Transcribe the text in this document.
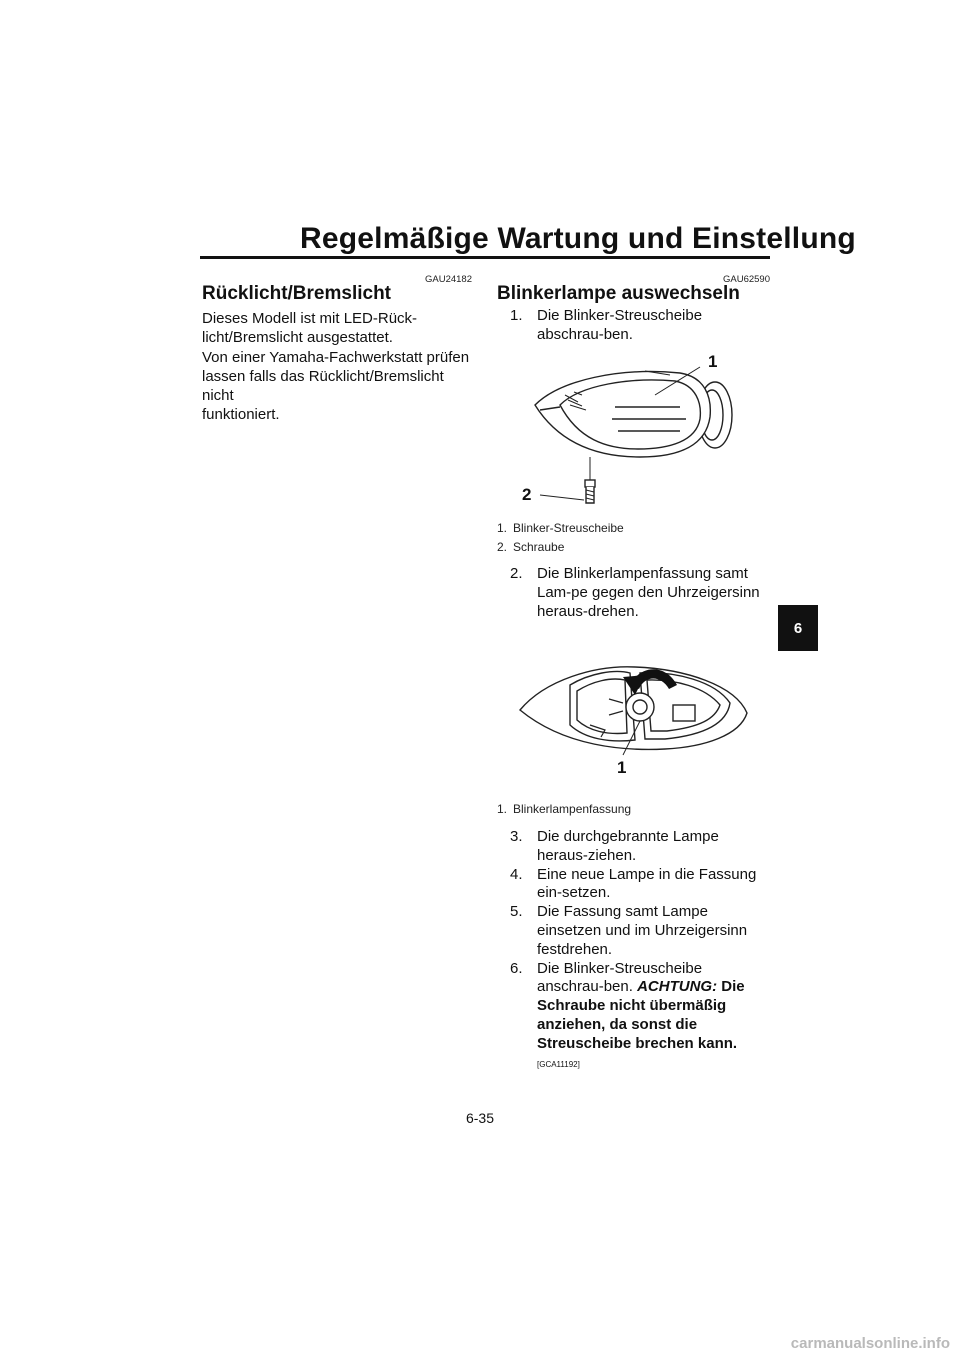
Regelmäßige Wartung und Einstellung
GAU24182
Rücklicht/Bremslicht
Dieses Modell ist mit LED-Rück-
licht/Bremslicht ausgestattet.
Von einer Yamaha-Fachwerkstatt prüfen
lassen falls das Rücklicht/Bremslicht nicht
funktioniert.
GAU62590
Blinkerlampe auswechseln
1. Die Blinker-Streuscheibe abschrau-ben.
1
2
1. Blinker-Streuscheibe
2. Schraube
2. Die Blinkerlampenfassung samt Lam-pe gegen den Uhrzeigersinn heraus-drehen.
1
1. Blinkerlampenfassung
3. Die durchgebrannte Lampe heraus-ziehen.
4. Eine neue Lampe in die Fassung ein-setzen.
5. Die Fassung samt Lampe einsetzen und im Uhrzeigersinn festdrehen.
6. Die Blinker-Streuscheibe anschrau-ben. ACHTUNG: Die Schraube nicht übermäßig anziehen, da sonst die Streuscheibe brechen kann. [GCA11192]
6
6-35
carmanualsonline.info
